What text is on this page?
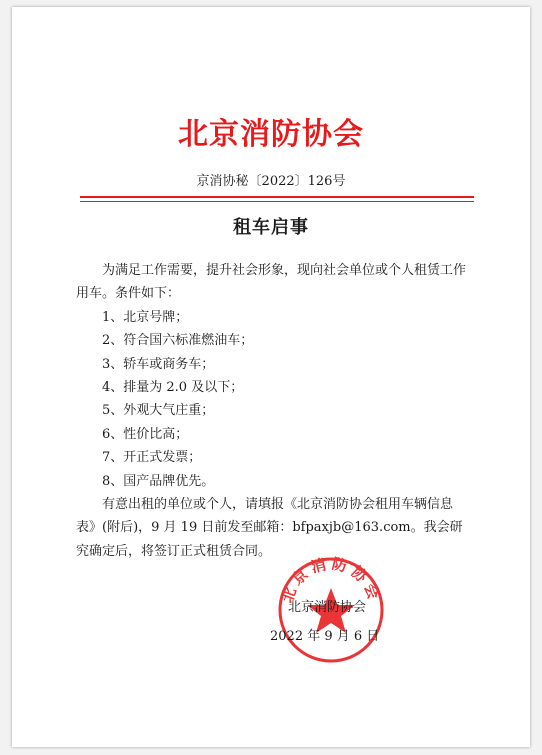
北京消防协会
京消协秘〔2022〕126号
租车启事

为满足工作需要，提升社会形象，现向社会单位或个人租赁工作用车。条件如下：

1、北京号牌；

2、符合国六标准燃油车；

3、轿车或商务车；

4、排量为 2.0 及以下；

5、外观大气庄重；

6、性价比高；

7、开正式发票；

8、国产品牌优先。

有意出租的单位或个人，请填报《北京消防协会租用车辆信息表》(附后)，9 月 19 日前发至邮箱：bfpaxjb@163.com。我会研究确定后，将签订正式租赁合同。

北京消防协会
北京消防协会
2022 年 9 月 6 日
